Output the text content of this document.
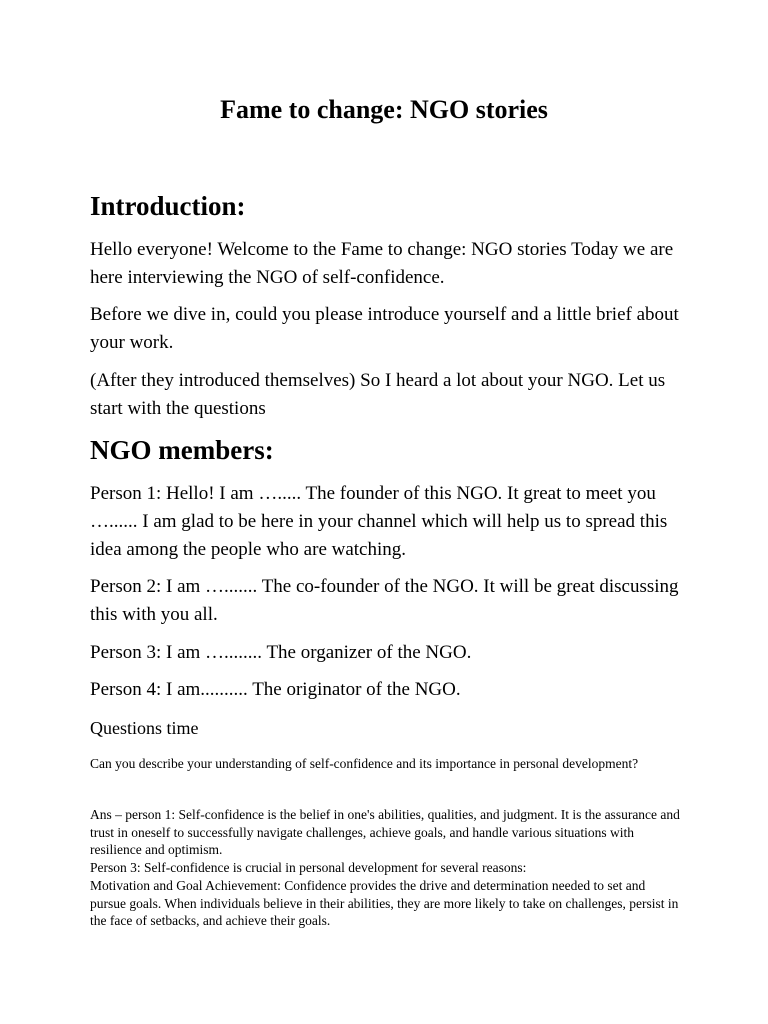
Fame to change: NGO stories
Introduction:

Hello everyone! Welcome to the Fame to change: NGO stories Today we are here interviewing the NGO of self-confidence.

Before we dive in, could you please introduce yourself and a little brief about your work.

(After they introduced themselves) So I heard a lot about your NGO. Let us start with the questions

NGO members:

Person 1: Hello! I am …..... The founder of this NGO. It great to meet you …...... I am glad to be here in your channel which will help us to spread this idea among the people who are watching.

Person 2: I am …....... The co-founder of the NGO. It will be great discussing this with you all.

Person 3: I am …........ The organizer of the NGO.

Person 4: I am.......... The originator of the NGO.

Questions time

Can you describe your understanding of self-confidence and its importance in personal development?

Ans – person 1: Self-confidence is the belief in one's abilities, qualities, and judgment. It is the assurance and trust in oneself to successfully navigate challenges, achieve goals, and handle various situations with resilience and optimism.
Person 3: Self-confidence is crucial in personal development for several reasons:
Motivation and Goal Achievement: Confidence provides the drive and determination needed to set and pursue goals. When individuals believe in their abilities, they are more likely to take on challenges, persist in the face of setbacks, and achieve their goals.
